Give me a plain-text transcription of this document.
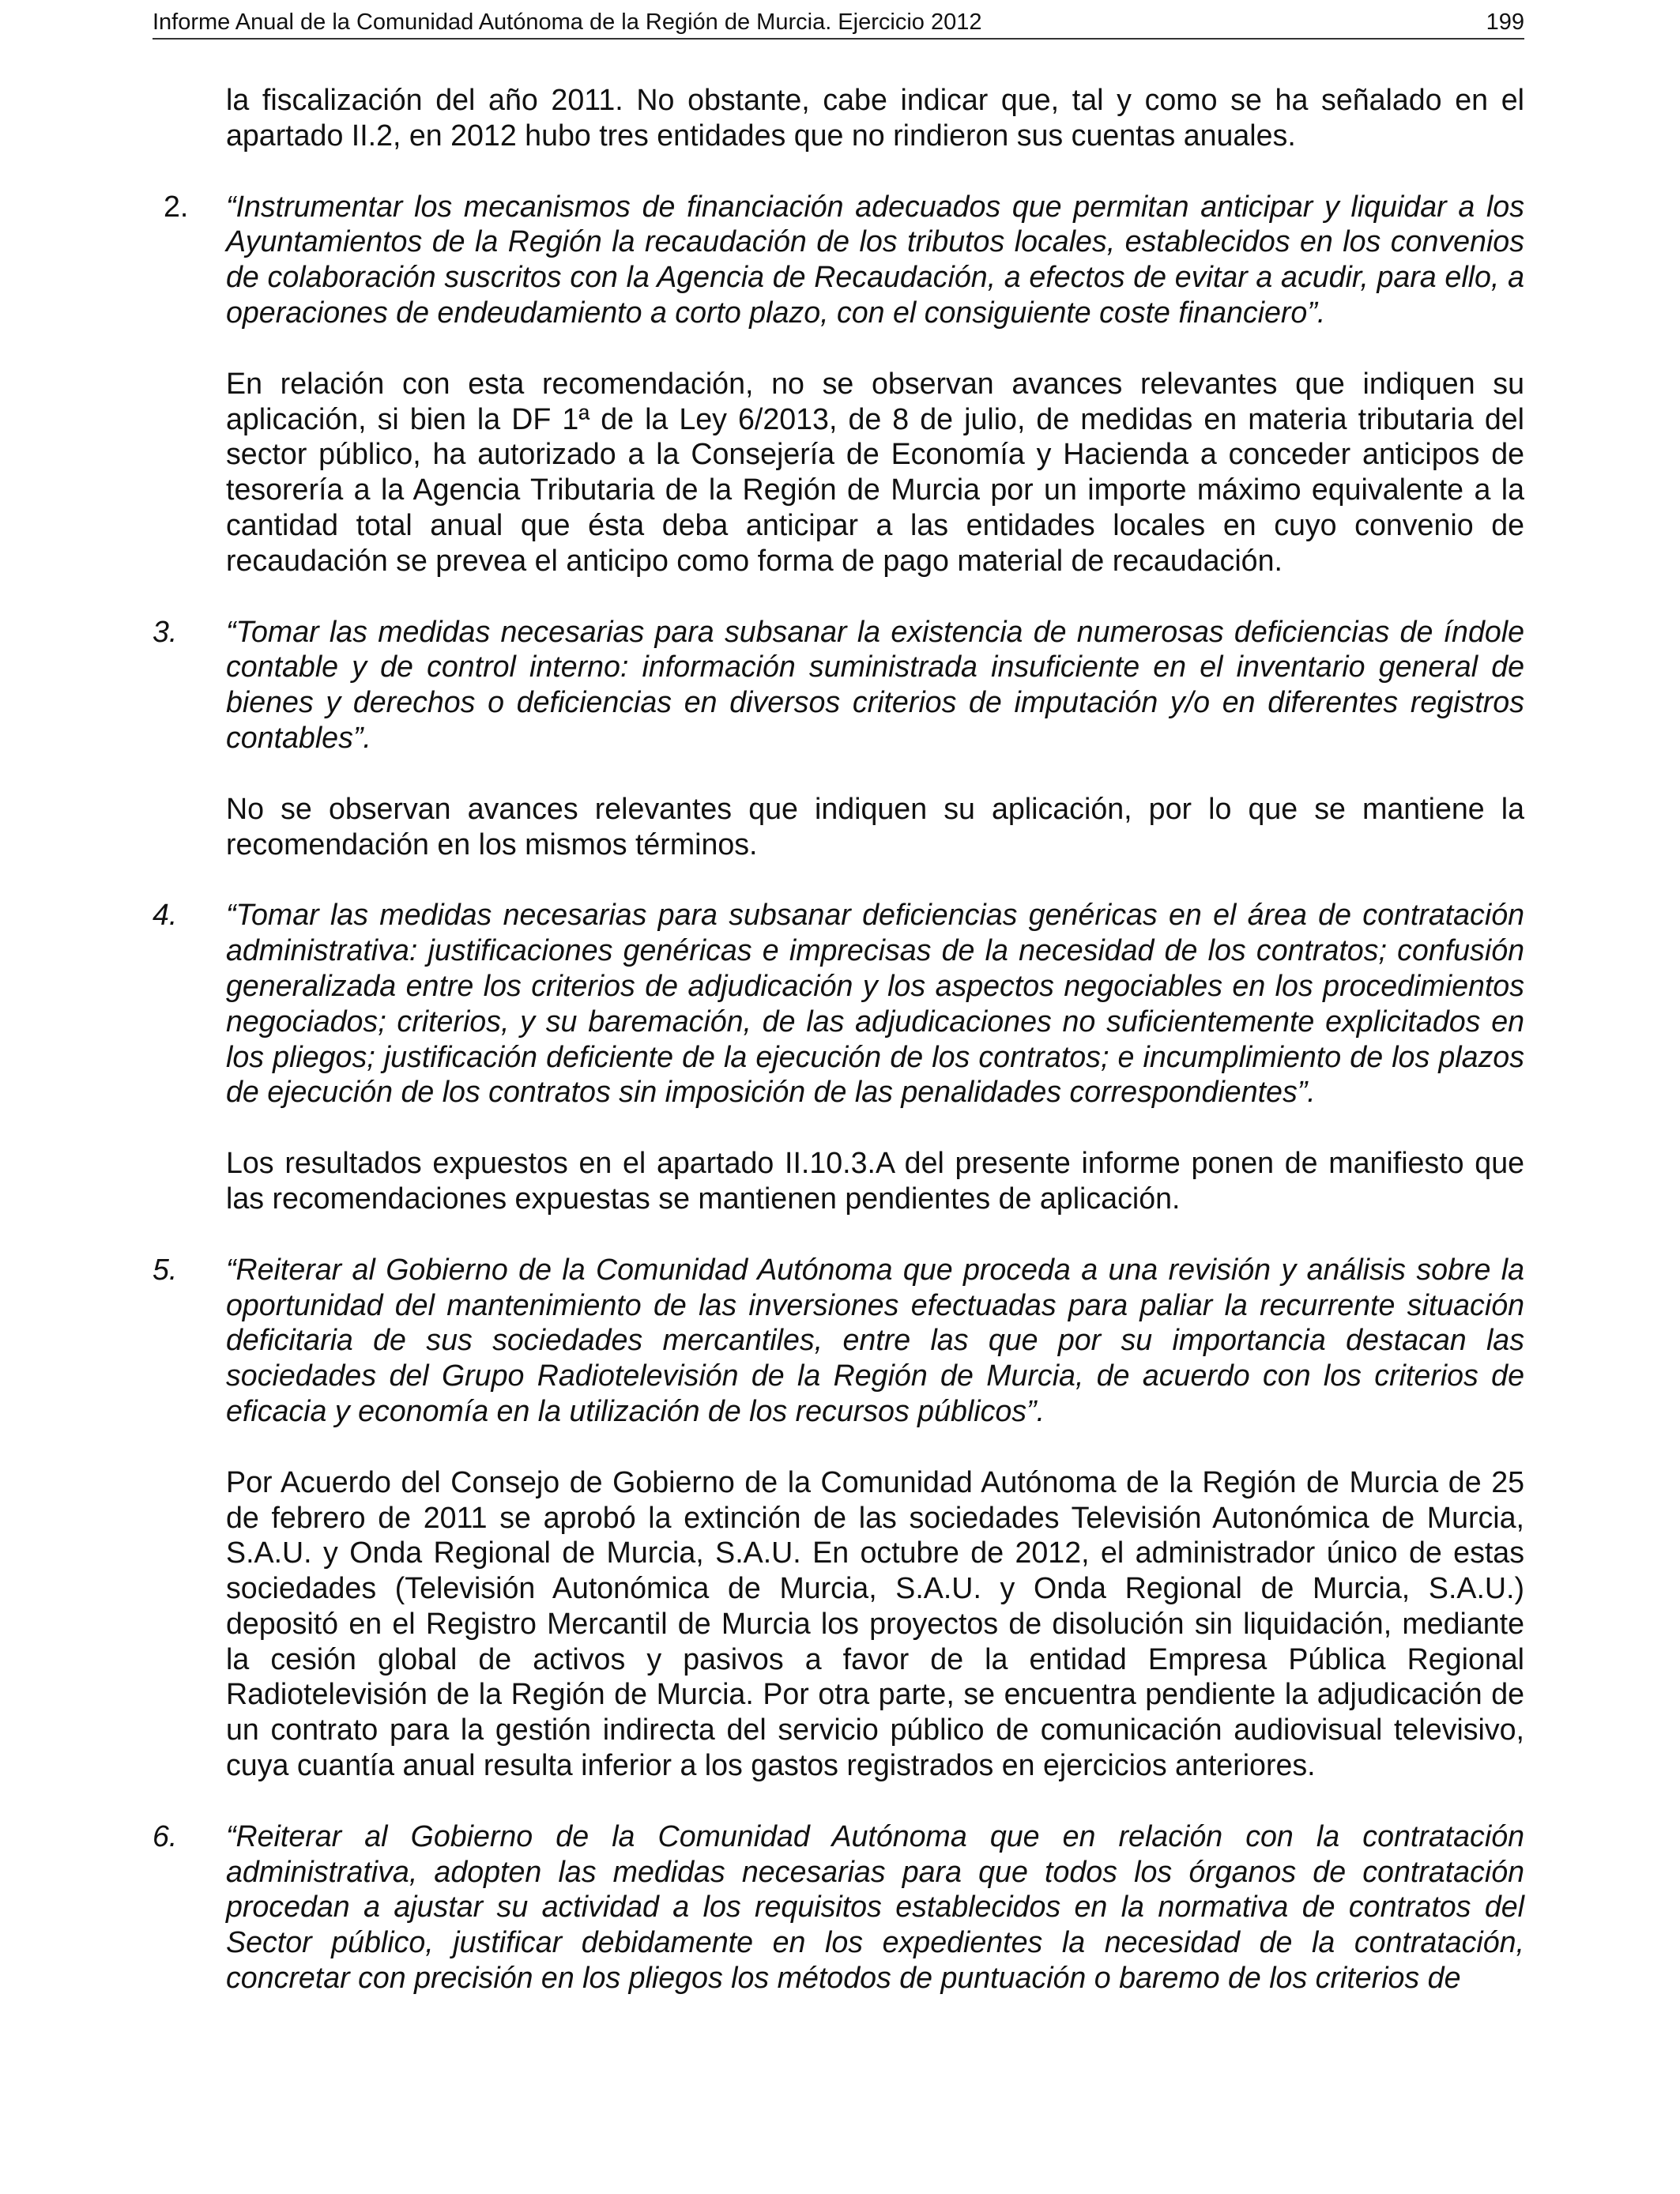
Informe Anual de la Comunidad Autónoma de la Región de Murcia. Ejercicio 2012	199

la fiscalización del año 2011. No obstante, cabe indicar que, tal y como se ha señalado en el apartado II.2, en 2012 hubo tres entidades que no rindieron sus cuentas anuales.

2. “Instrumentar los mecanismos de financiación adecuados que permitan anticipar y liquidar a los Ayuntamientos de la Región la recaudación de los tributos locales, establecidos en los convenios de colaboración suscritos con la Agencia de Recaudación, a efectos de evitar a acudir, para ello, a operaciones de endeudamiento a corto plazo, con el consiguiente coste financiero”.

En relación con esta recomendación, no se observan avances relevantes que indiquen su aplicación, si bien la DF 1ª de la Ley 6/2013, de 8 de julio, de medidas en materia tributaria del sector público, ha autorizado a la Consejería de Economía y Hacienda a conceder anticipos de tesorería a la Agencia Tributaria de la Región de Murcia por un importe máximo equivalente a la cantidad total anual que ésta deba anticipar a las entidades locales en cuyo convenio de recaudación se prevea el anticipo como forma de pago material de recaudación.

3. “Tomar las medidas necesarias para subsanar la existencia de numerosas deficiencias de índole contable y de control interno: información suministrada insuficiente en el inventario general de bienes y derechos o deficiencias en diversos criterios de imputación y/o en diferentes registros contables”.

No se observan avances relevantes que indiquen su aplicación, por lo que se mantiene la recomendación en los mismos términos.

4. “Tomar las medidas necesarias para subsanar deficiencias genéricas en el área de contratación administrativa: justificaciones genéricas e imprecisas de la necesidad de los contratos; confusión generalizada entre los criterios de adjudicación y los aspectos negociables en los procedimientos negociados; criterios, y su baremación, de las adjudicaciones no suficientemente explicitados en los pliegos; justificación deficiente de la ejecución de los contratos; e incumplimiento de los plazos de ejecución de los contratos sin imposición de las penalidades correspondientes”.

Los resultados expuestos en el apartado II.10.3.A del presente informe ponen de manifiesto que las recomendaciones expuestas se mantienen pendientes de aplicación.

5. “Reiterar al Gobierno de la Comunidad Autónoma que proceda a una revisión y análisis sobre la oportunidad del mantenimiento de las inversiones efectuadas para paliar la recurrente situación deficitaria de sus sociedades mercantiles, entre las que por su importancia destacan las sociedades del Grupo Radiotelevisión de la Región de Murcia, de acuerdo con los criterios de eficacia y economía en la utilización de los recursos públicos”.

Por Acuerdo del Consejo de Gobierno de la Comunidad Autónoma de la Región de Murcia de 25 de febrero de 2011 se aprobó la extinción de las sociedades Televisión Autonómica de Murcia, S.A.U. y Onda Regional de Murcia, S.A.U. En octubre de 2012, el administrador único de estas sociedades (Televisión Autonómica de Murcia, S.A.U. y Onda Regional de Murcia, S.A.U.) depositó en el Registro Mercantil de Murcia los proyectos de disolución sin liquidación, mediante la cesión global de activos y pasivos a favor de la entidad Empresa Pública Regional Radiotelevisión de la Región de Murcia. Por otra parte, se encuentra pendiente la adjudicación de un contrato para la gestión indirecta del servicio público de comunicación audiovisual televisivo, cuya cuantía anual resulta inferior a los gastos registrados en ejercicios anteriores.

6. “Reiterar al Gobierno de la Comunidad Autónoma que en relación con la contratación administrativa, adopten las medidas necesarias para que todos los órganos de contratación procedan a ajustar su actividad a los requisitos establecidos en la normativa de contratos del Sector público, justificar debidamente en los expedientes la necesidad de la contratación, concretar con precisión en los pliegos los métodos de puntuación o baremo de los criterios de
